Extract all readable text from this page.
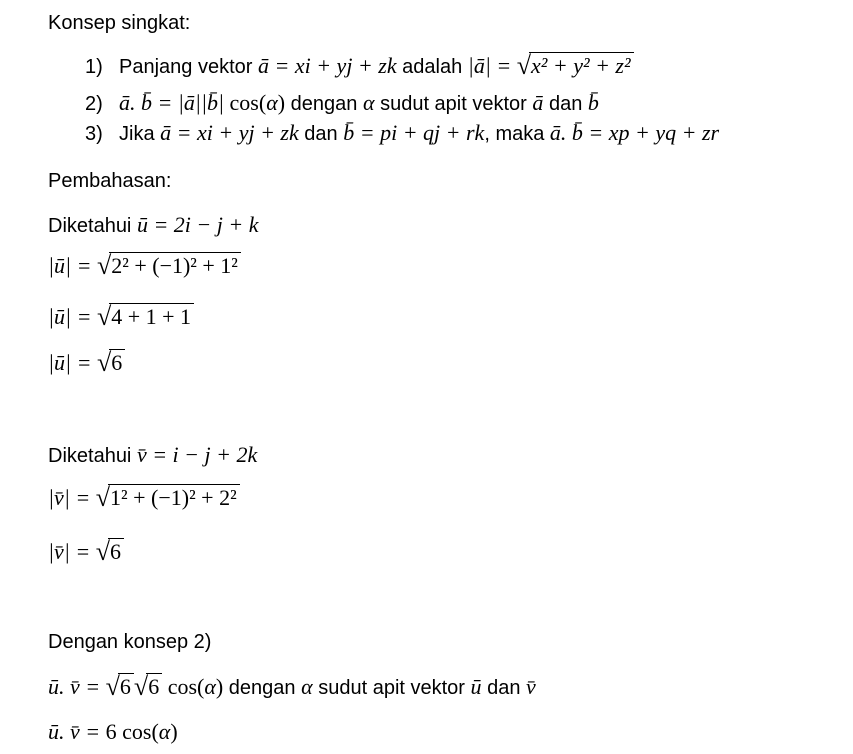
Konsep singkat:
1) Panjang vektor ā = xi + yj + zk adalah |ā| = √x² + y² + z²
2) ā. b̄ = |ā||b̄| cos(α) dengan α sudut apit vektor ā dan b̄
3) Jika ā = xi + yj + zk dan b̄ = pi + qj + rk, maka ā. b̄ = xp + yq + zr
Pembahasan:
Diketahui ū = 2i − j + k
|ū| = √2² + (−1)² + 1²
|ū| = √4 + 1 + 1
|ū| = √6
Diketahui v̄ = i − j + 2k
|v̄| = √1² + (−1)² + 2²
|v̄| = √6
Dengan konsep 2)
ū. v̄ = √6 √6 cos(α) dengan α sudut apit vektor ū dan v̄
ū. v̄ = 6 cos(α)
